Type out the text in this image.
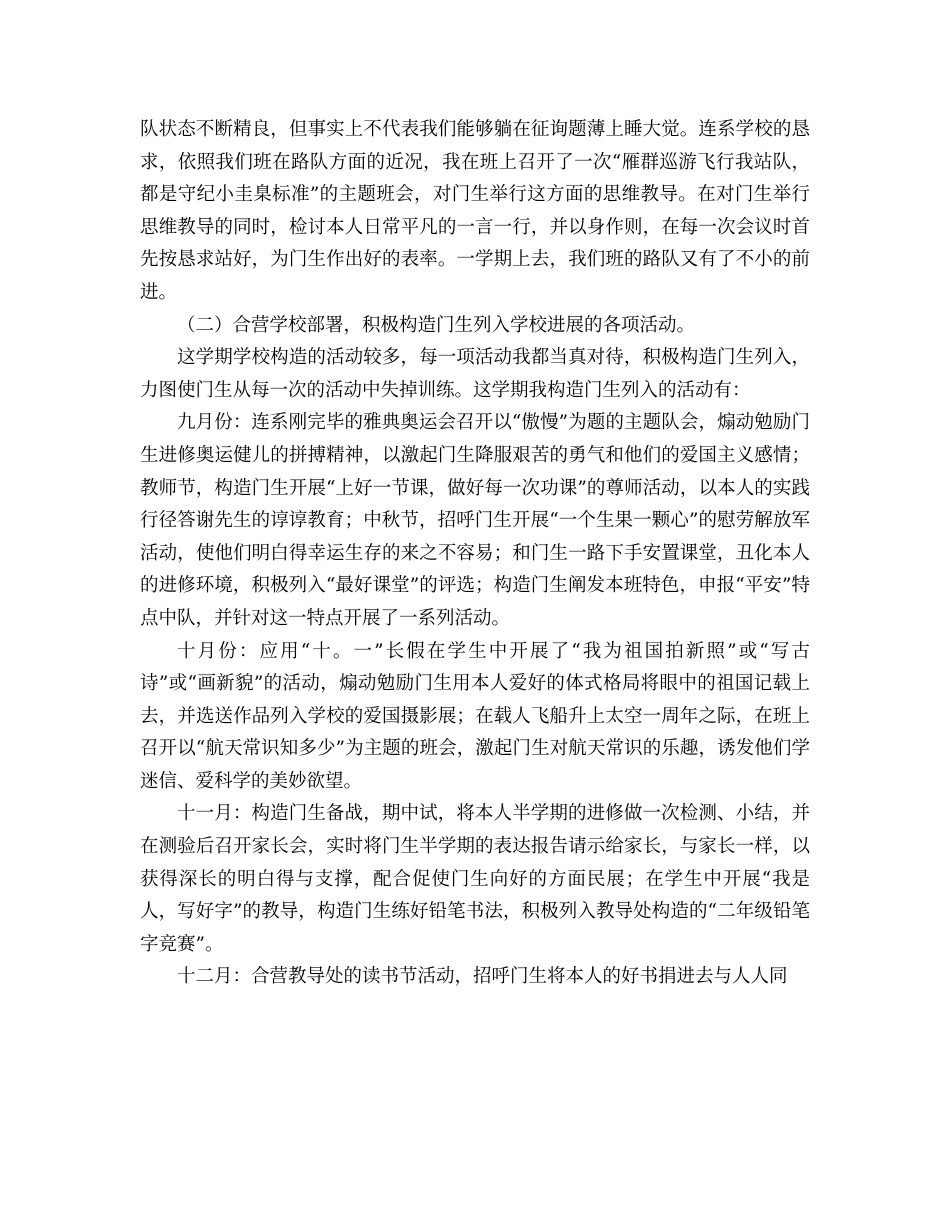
队状态不断精良，但事实上不代表我们能够躺在征询题薄上睡大觉。连系学校的恳求，依照我们班在路队方面的近况，我在班上召开了一次“雁群巡游飞行我站队，都是守纪小圭臬标准”的主题班会，对门生举行这方面的思维教导。在对门生举行思维教导的同时，检讨本人日常平凡的一言一行，并以身作则，在每一次会议时首先按恳求站好，为门生作出好的表率。一学期上去，我们班的路队又有了不小的前进。

（二）合营学校部署，积极构造门生列入学校进展的各项活动。

这学期学校构造的活动较多，每一项活动我都当真对待，积极构造门生列入，力图使门生从每一次的活动中失掉训练。这学期我构造门生列入的活动有：

九月份：连系刚完毕的雅典奥运会召开以“傲慢”为题的主题队会，煽动勉励门生进修奥运健儿的拼搏精神，以激起门生降服艰苦的勇气和他们的爱国主义感情；教师节，构造门生开展“上好一节课，做好每一次功课”的尊师活动，以本人的实践行径答谢先生的谆谆教育；中秋节，招呼门生开展“一个生果一颗心”的慰劳解放军活动，使他们明白得幸运生存的来之不容易；和门生一路下手安置课堂，丑化本人的进修环境，积极列入“最好课堂”的评选；构造门生阐发本班特色，申报“平安”特点中队，并针对这一特点开展了一系列活动。

十月份：应用“十。一”长假在学生中开展了“我为祖国拍新照”或“写古诗”或“画新貌”的活动，煽动勉励门生用本人爱好的体式格局将眼中的祖国记载上去，并选送作品列入学校的爱国摄影展；在载人飞船升上太空一周年之际，在班上召开以“航天常识知多少”为主题的班会，激起门生对航天常识的乐趣，诱发他们学迷信、爱科学的美妙欲望。

十一月：构造门生备战，期中试，将本人半学期的进修做一次检测、小结，并在测验后召开家长会，实时将门生半学期的表达报告请示给家长，与家长一样，以获得深长的明白得与支撑，配合促使门生向好的方面民展；在学生中开展“我是人，写好字”的教导，构造门生练好铅笔书法，积极列入教导处构造的“二年级铅笔字竞赛”。

十二月：合营教导处的读书节活动，招呼门生将本人的好书捐进去与人人同
